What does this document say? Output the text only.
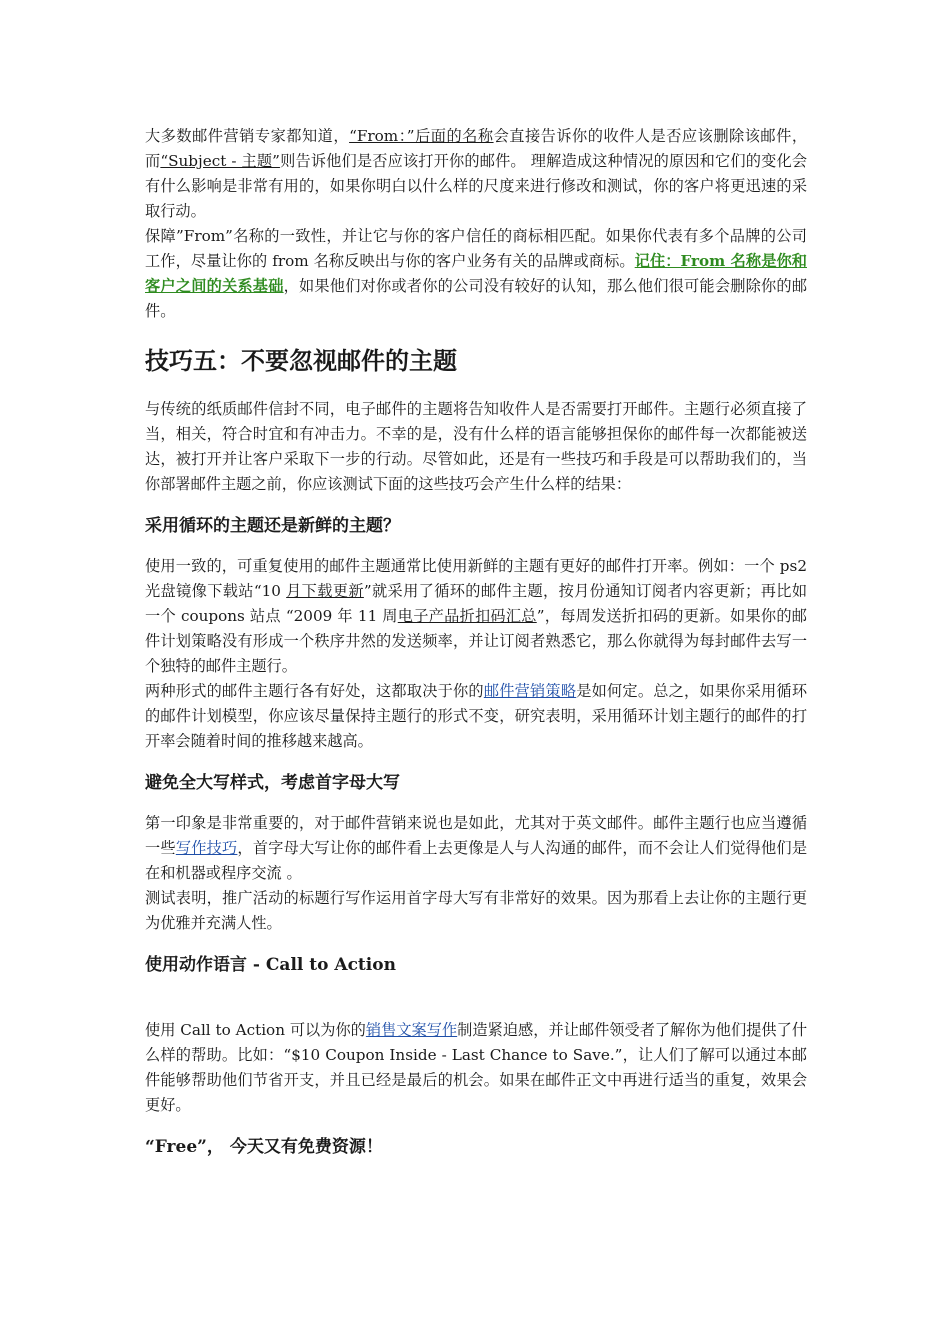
大多数邮件营销专家都知道，“From：”后面的名称会直接告诉你的收件人是否应该删除该邮件，而“Subject - 主题”则告诉他们是否应该打开你的邮件。 理解造成这种情况的原因和它们的变化会有什么影响是非常有用的，如果你明白以什么样的尺度来进行修改和测试，你的客户将更迅速的采取行动。

保障”From”名称的一致性，并让它与你的客户信任的商标相匹配。如果你代表有多个品牌的公司工作，尽量让你的 from 名称反映出与你的客户业务有关的品牌或商标。记住：From 名称是你和客户之间的关系基础，如果他们对你或者你的公司没有较好的认知，那么他们很可能会删除你的邮件。

技巧五：不要忽视邮件的主题

与传统的纸质邮件信封不同，电子邮件的主题将告知收件人是否需要打开邮件。主题行必须直接了当，相关，符合时宜和有冲击力。不幸的是，没有什么样的语言能够担保你的邮件每一次都能被送达，被打开并让客户采取下一步的行动。尽管如此，还是有一些技巧和手段是可以帮助我们的，当你部署邮件主题之前，你应该测试下面的这些技巧会产生什么样的结果：

采用循环的主题还是新鲜的主题？

使用一致的，可重复使用的邮件主题通常比使用新鲜的主题有更好的邮件打开率。例如：一个 ps2 光盘镜像下载站“10 月下载更新”就采用了循环的邮件主题，按月份通知订阅者内容更新；再比如一个 coupons 站点 “2009 年 11 周电子产品折扣码汇总”，每周发送折扣码的更新。如果你的邮件计划策略没有形成一个秩序井然的发送频率，并让订阅者熟悉它，那么你就得为每封邮件去写一个独特的邮件主题行。

两种形式的邮件主题行各有好处，这都取决于你的邮件营销策略是如何定。总之，如果你采用循环的邮件计划模型，你应该尽量保持主题行的形式不变，研究表明，采用循环计划主题行的邮件的打开率会随着时间的推移越来越高。

避免全大写样式，考虑首字母大写

第一印象是非常重要的，对于邮件营销来说也是如此，尤其对于英文邮件。邮件主题行也应当遵循一些写作技巧，首字母大写让你的邮件看上去更像是人与人沟通的邮件，而不会让人们觉得他们是在和机器或程序交流 。

测试表明，推广活动的标题行写作运用首字母大写有非常好的效果。因为那看上去让你的主题行更为优雅并充满人性。

使用动作语言 - Call to Action

使用 Call to Action 可以为你的销售文案写作制造紧迫感，并让邮件领受者了解你为他们提供了什么样的帮助。比如：“$10 Coupon Inside - Last Chance to Save.”，让人们了解可以通过本邮件能够帮助他们节省开支，并且已经是最后的机会。如果在邮件正文中再进行适当的重复，效果会更好。

“Free”， 今天又有免费资源！
